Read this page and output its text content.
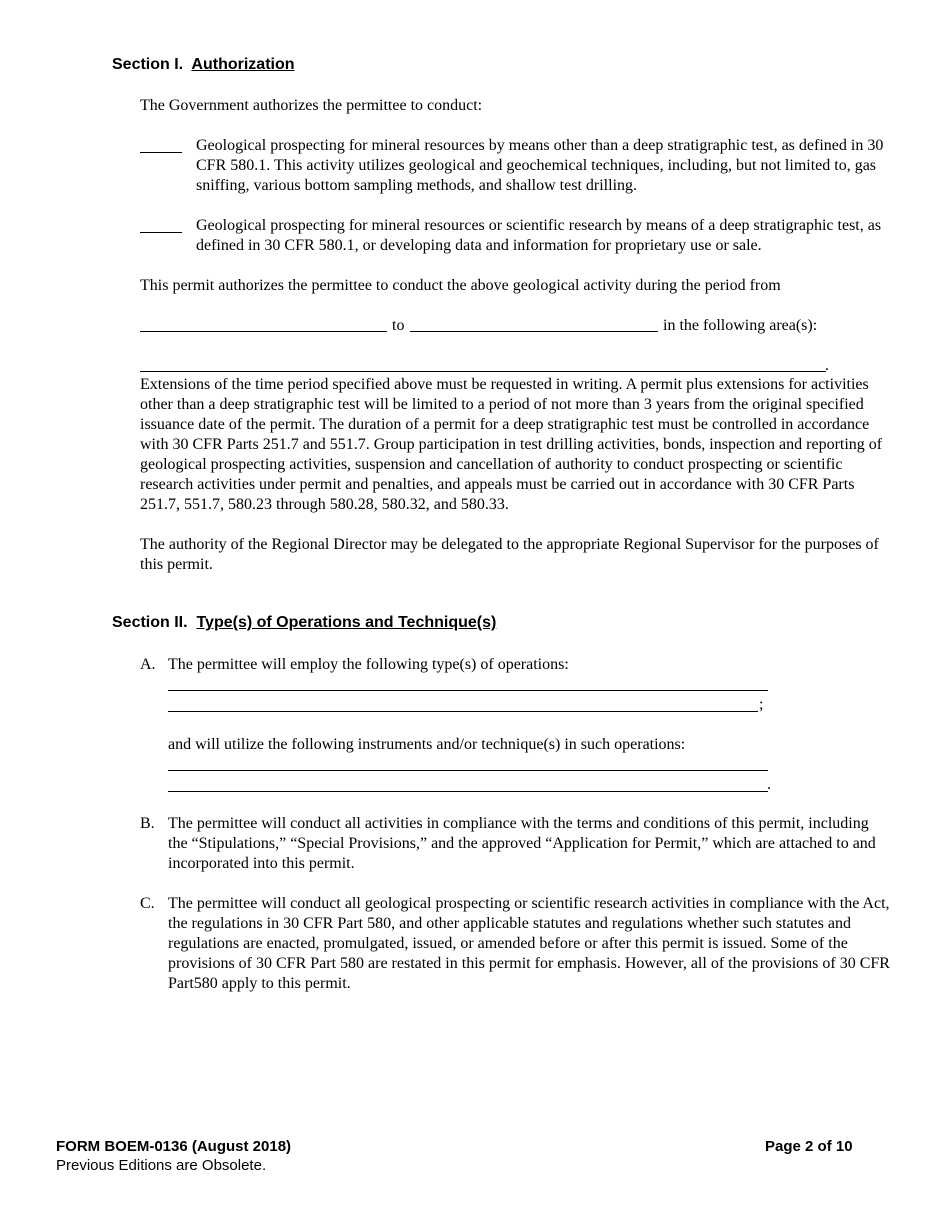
Section I. Authorization
The Government authorizes the permittee to conduct:
Geological prospecting for mineral resources by means other than a deep stratigraphic test, as defined in 30 CFR 580.1. This activity utilizes geological and geochemical techniques, including, but not limited to, gas sniffing, various bottom sampling methods, and shallow test drilling.
Geological prospecting for mineral resources or scientific research by means of a deep stratigraphic test, as defined in 30 CFR 580.1, or developing data and information for proprietary use or sale.
This permit authorizes the permittee to conduct the above geological activity during the period from
to	in the following area(s):
.
Extensions of the time period specified above must be requested in writing. A permit plus extensions for activities other than a deep stratigraphic test will be limited to a period of not more than 3 years from the original specified issuance date of the permit. The duration of a permit for a deep stratigraphic test must be controlled in accordance with 30 CFR Parts 251.7 and 551.7. Group participation in test drilling activities, bonds, inspection and reporting of geological prospecting activities, suspension and cancellation of authority to conduct prospecting or scientific research activities under permit and penalties, and appeals must be carried out in accordance with 30 CFR Parts 251.7, 551.7, 580.23 through 580.28, 580.32, and 580.33.
The authority of the Regional Director may be delegated to the appropriate Regional Supervisor for the purposes of this permit.
Section II. Type(s) of Operations and Technique(s)
A. The permittee will employ the following type(s) of operations:
;
and will utilize the following instruments and/or technique(s) in such operations:
.
B. The permittee will conduct all activities in compliance with the terms and conditions of this permit, including the “Stipulations,” “Special Provisions,” and the approved “Application for Permit,” which are attached to and incorporated into this permit.
C. The permittee will conduct all geological prospecting or scientific research activities in compliance with the Act, the regulations in 30 CFR Part 580, and other applicable statutes and regulations whether such statutes and regulations are enacted, promulgated, issued, or amended before or after this permit is issued. Some of the provisions of 30 CFR Part 580 are restated in this permit for emphasis. However, all of the provisions of 30 CFR Part580 apply to this permit.
FORM BOEM-0136 (August 2018)
Previous Editions are Obsolete.
Page 2 of 10
